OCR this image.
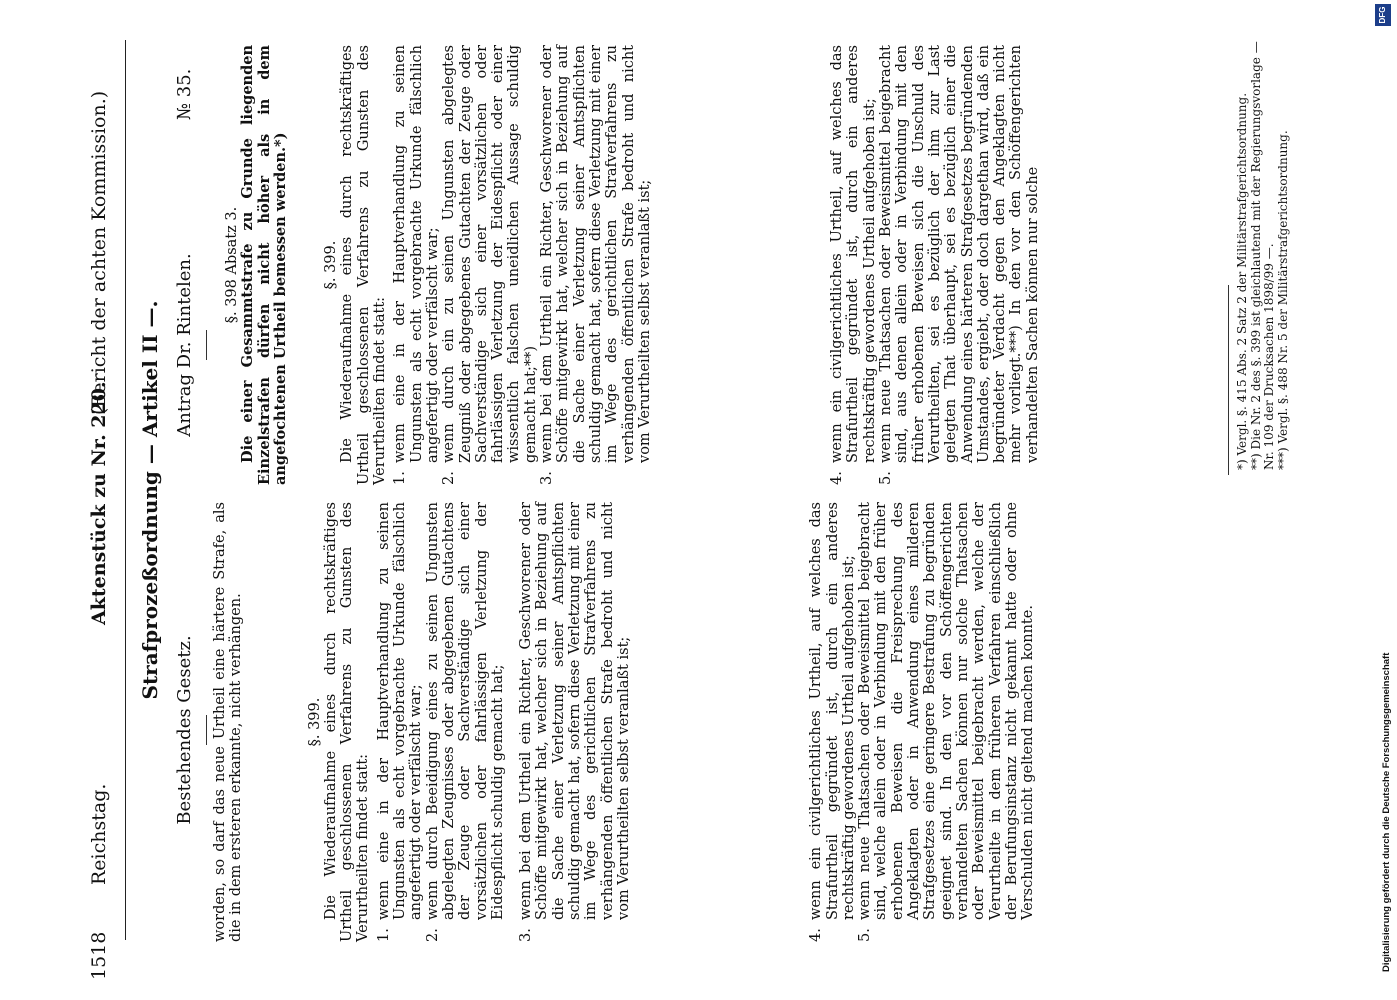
1518
Reichstag.
Aktenstück zu Nr. 220.
(Bericht der achten Kommission.)
Strafprozeßordnung — Artikel II —.
Bestehendes Gesetz.
Antrag Dr. Rintelen.
№ 35.

worden, so darf das neue Urtheil eine härtere Strafe, als die in dem ersteren erkannte, nicht verhängen.	§. 399. Die Wiederaufnahme eines durch rechtskräftiges Urtheil geschlossenen Verfahrens zu Gunsten des Verurtheilten findet statt: 1.
wenn eine in der Hauptverhandlung zu seinen Ungunsten als echt vorgebrachte Urkunde fälschlich angefertigt oder verfälscht war;
2.
wenn durch Beeidigung eines zu seinen Ungunsten abgelegten Zeugnisses oder abgegebenen Gutachtens der Zeuge oder Sachverständige sich einer vorsätzlichen oder fahrlässigen Verletzung der Eidespflicht schuldig gemacht hat;
3.
wenn bei dem Urtheil ein Richter, Geschworener oder Schöffe mitgewirkt hat, welcher sich in Beziehung auf die Sache einer Verletzung seiner Amtspflichten schuldig gemacht hat, sofern diese Verletzung mit einer im Wege des gerichtlichen Strafverfahrens zu verhängenden öffentlichen Strafe bedroht und nicht vom Verurtheilten selbst veranlaßt ist;
4.
wenn ein civilgerichtliches Urtheil, auf welches das Strafurtheil gegründet ist, durch ein anderes rechtskräftig gewordenes Urtheil aufgehoben ist;
5.
wenn neue Thatsachen oder Beweismittel beigebracht sind, welche allein oder in Verbindung mit den früher erhobenen Beweisen die Freisprechung des Angeklagten oder in Anwendung eines milderen Strafgesetzes eine geringere Bestrafung zu begründen geeignet sind. In den vor den Schöffengerichten verhandelten Sachen können nur solche Thatsachen oder Beweismittel beigebracht werden, welche der Verurtheilte in dem früheren Verfahren einschließlich der Berufungsinstanz nicht gekannt hatte oder ohne Verschulden nicht geltend machen konnte.

§. 398 Absatz 3. Die einer Gesammtstrafe zu Grunde liegenden Einzelstrafen dürfen nicht höher als in dem angefochtenen Urtheil bemessen werden.*) §. 399. Die Wiederaufnahme eines durch rechtskräftiges Urtheil geschlossenen Verfahrens zu Gunsten des Verurtheilten findet statt: 1.
wenn eine in der Hauptverhandlung zu seinen Ungunsten als echt vorgebrachte Urkunde fälschlich angefertigt oder verfälscht war;
2.
wenn durch ein zu seinen Ungunsten abgelegtes Zeugniß oder abgegebenes Gutachten der Zeuge oder Sachverständige sich einer vorsätzlichen oder fahrlässigen Verletzung der Eidespflicht oder einer wissentlich falschen uneidlichen Aussage schuldig gemacht hat;**)
3.
wenn bei dem Urtheil ein Richter, Geschworener oder Schöffe mitgewirkt hat, welcher sich in Beziehung auf die Sache einer Verletzung seiner Amtspflichten schuldig gemacht hat, sofern diese Verletzung mit einer im Wege des gerichtlichen Strafverfahrens zu verhängenden öffentlichen Strafe bedroht und nicht vom Verurtheilten selbst veranlaßt ist;
4.
wenn ein civilgerichtliches Urtheil, auf welches das Strafurtheil gegründet ist, durch ein anderes rechtskräftig gewordenes Urtheil aufgehoben ist;
5.
wenn neue Thatsachen oder Beweismittel beigebracht sind, aus denen allein oder in Verbindung mit den früher erhobenen Beweisen sich die Unschuld des Verurtheilten, sei es bezüglich der ihm zur Last gelegten That überhaupt, sei es bezüglich einer die Anwendung eines härteren Strafgesetzes begründenden Umstandes, ergiebt, oder doch dargethan wird, daß ein begründeter Verdacht gegen den Angeklagten nicht mehr vorliegt.***) In den vor den Schöffengerichten verhandelten Sachen können nur solche	*) Vergl. §. 415 Abs. 2 Satz 2 der Militärstrafgerichtsordnung. **) Die Nr. 2 des §. 399 ist gleichlautend mit der Regierungsvorlage — Nr. 109 der Drucksachen 1898/99 —. ***) Vergl. §. 488 Nr. 5 der Militärstrafgerichtsordnung.

Digitalisierung gefördert durch die Deutsche Forschungsgemeinschaft
DFG
